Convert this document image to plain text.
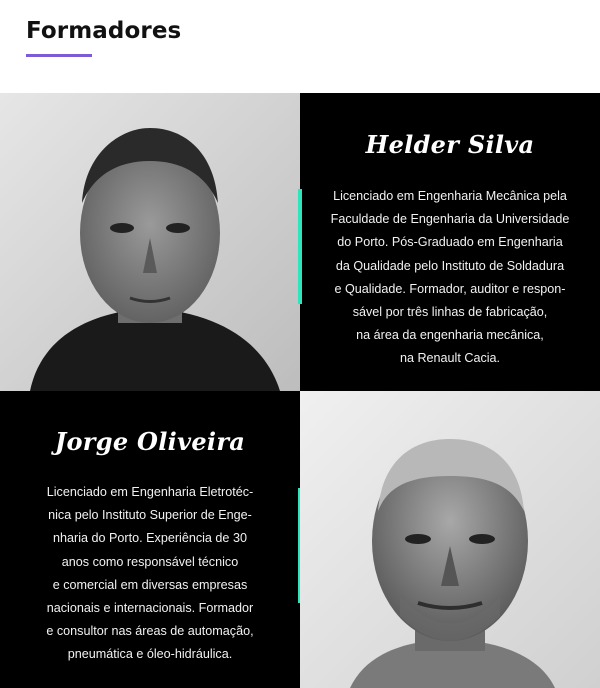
Formadores
Helder Silva

Licenciado em Engenharia Mecânica pela
Faculdade de Engenharia da Universidade
do Porto. Pós-Graduado em Engenharia
da Qualidade pelo Instituto de Soldadura
e Qualidade. Formador, auditor e respon-
sável por três linhas de fabricação,
na área da engenharia mecânica,
na Renault Cacia.

Jorge Oliveira

Licenciado em Engenharia Eletrotéc-
nica pelo Instituto Superior de Enge-
nharia do Porto. Experiência de 30
anos como responsável técnico
e comercial em diversas empresas
nacionais e internacionais. Formador
e consultor nas áreas de automação,
pneumática e óleo-hidráulica.
